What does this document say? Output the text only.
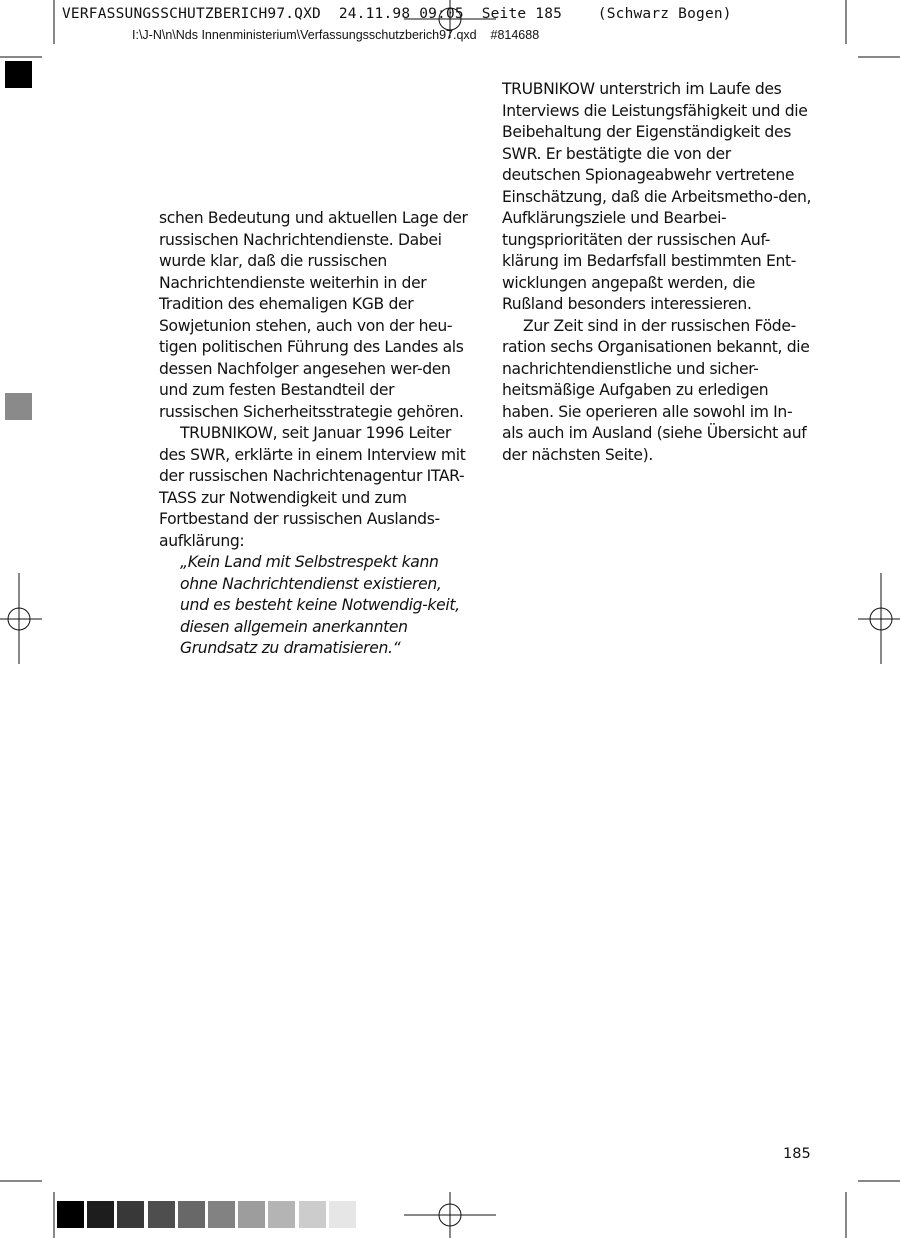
VERFASSUNGSSCHUTZBERICH97.QXD  24.11.98 09:05  Seite 185    (Schwarz Bogen)
I:\J-N\n\Nds Innenministerium\Verfassungsschutzberich97.qxd    #814688

schen Bedeutung und aktuellen Lage der russischen Nachrichtendienste. Dabei wurde klar, daß die russischen Nachrichtendienste weiterhin in der Tradition des ehemaligen KGB der Sowjetunion stehen, auch von der heu-tigen politischen Führung des Landes als dessen Nachfolger angesehen wer-den und zum festen Bestandteil der russischen Sicherheitsstrategie gehören.

TRUBNIKOW, seit Januar 1996 Leiter des SWR, erklärte in einem Interview mit der russischen Nachrichtenagentur ITAR-TASS zur Notwendigkeit und zum Fortbestand der russischen Auslands-aufklärung:

„Kein Land mit Selbstrespekt kann ohne Nachrichtendienst existieren, und es besteht keine Notwendig-keit, diesen allgemein anerkannten Grundsatz zu dramatisieren.“

TRUBNIKOW unterstrich im Laufe des Interviews die Leistungsfähigkeit und die Beibehaltung der Eigenständigkeit des SWR. Er bestätigte die von der deutschen Spionageabwehr vertretene Einschätzung, daß die Arbeitsmetho-den, Aufklärungsziele und Bearbei-tungsprioritäten der russischen Auf-klärung im Bedarfsfall bestimmten Ent-wicklungen angepaßt werden, die Rußland besonders interessieren.

Zur Zeit sind in der russischen Föde-ration sechs Organisationen bekannt, die nachrichtendienstliche und sicher-heitsmäßige Aufgaben zu erledigen haben. Sie operieren alle sowohl im In-als auch im Ausland (siehe Übersicht auf der nächsten Seite).

185
